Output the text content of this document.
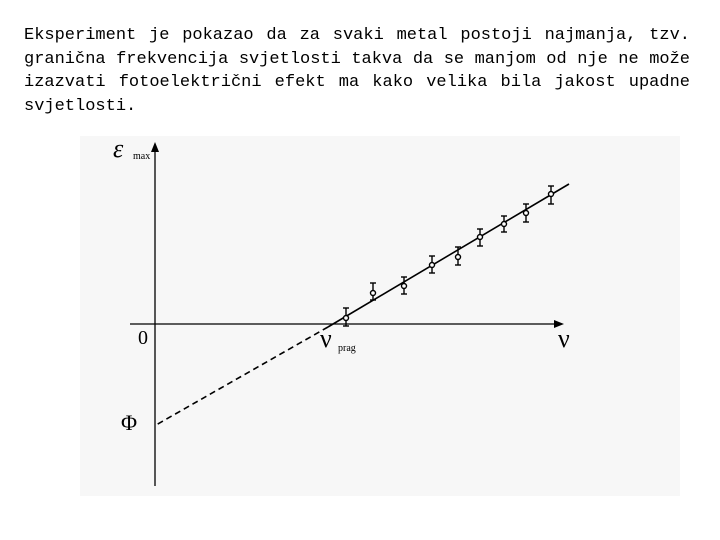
Eksperiment je pokazao da za svaki metal postoji najmanja, tzv. granična frekvencija svjetlosti takva da se manjom od nje ne može izazvati fotoelektrični efekt ma kako velika bila jakost upadne svjetlosti.

ε max
ν
0	ν prag
Φ
